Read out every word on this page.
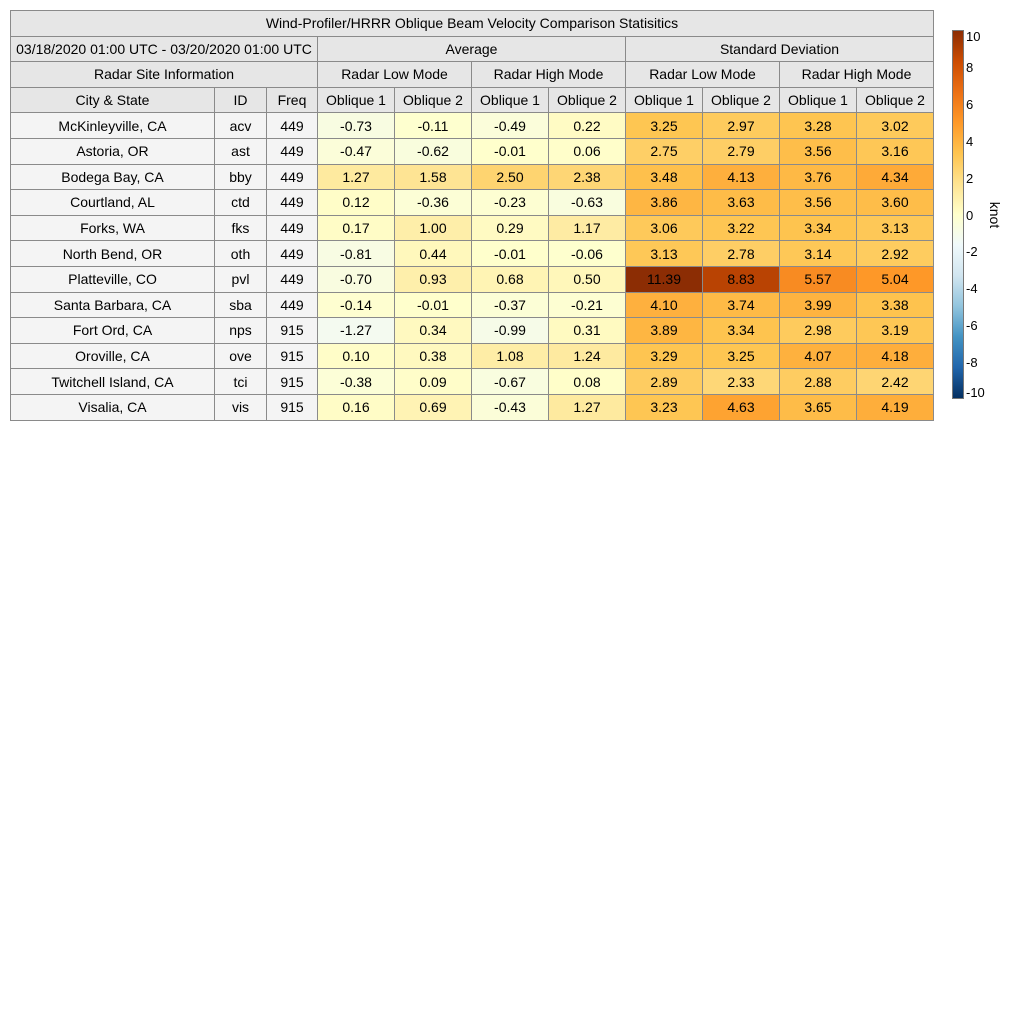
Wind-Profiler/HRRR Oblique Beam Velocity Comparison Statisitics										
03/18/2020 01:00 UTC - 03/20/2020 01:00 UTC			Average				Standard Deviation			
Radar Site Information			Radar Low Mode		Radar High Mode		Radar Low Mode		Radar High Mode	
City & State	ID	Freq	Oblique 1	Oblique 2	Oblique 1	Oblique 2	Oblique 1	Oblique 2	Oblique 1	Oblique 2
McKinleyville, CA	acv	449	-0.73	-0.11	-0.49	0.22	3.25	2.97	3.28	3.02
Astoria, OR	ast	449	-0.47	-0.62	-0.01	0.06	2.75	2.79	3.56	3.16
Bodega Bay, CA	bby	449	1.27	1.58	2.50	2.38	3.48	4.13	3.76	4.34
Courtland, AL	ctd	449	0.12	-0.36	-0.23	-0.63	3.86	3.63	3.56	3.60
Forks, WA	fks	449	0.17	1.00	0.29	1.17	3.06	3.22	3.34	3.13
North Bend, OR	oth	449	-0.81	0.44	-0.01	-0.06	3.13	2.78	3.14	2.92
Platteville, CO	pvl	449	-0.70	0.93	0.68	0.50	11.39	8.83	5.57	5.04
Santa Barbara, CA	sba	449	-0.14	-0.01	-0.37	-0.21	4.10	3.74	3.99	3.38
Fort Ord, CA	nps	915	-1.27	0.34	-0.99	0.31	3.89	3.34	2.98	3.19
Oroville, CA	ove	915	0.10	0.38	1.08	1.24	3.29	3.25	4.07	4.18
Twitchell Island, CA	tci	915	-0.38	0.09	-0.67	0.08	2.89	2.33	2.88	2.42
Visalia, CA	vis	915	0.16	0.69	-0.43	1.27	3.23	4.63	3.65	4.19
10
8
6
4
2
0
-2
-4
-6
-8
-10
knot
